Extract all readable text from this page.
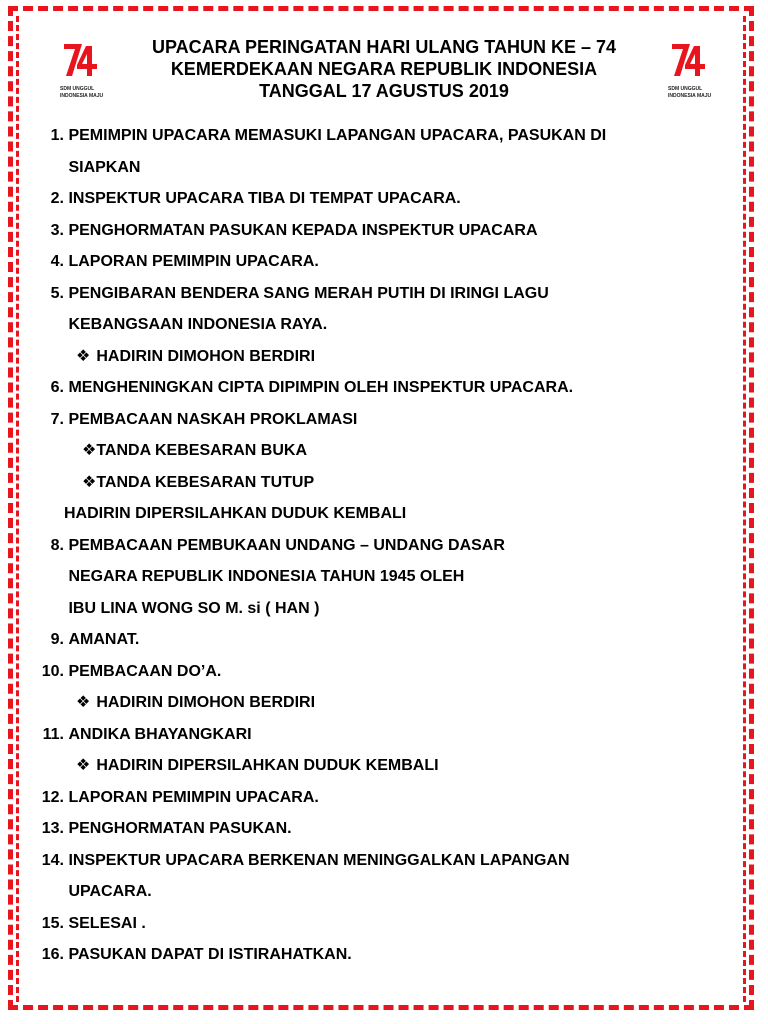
SDM UNGGUL
INDONESIA MAJU
SDM UNGGUL
INDONESIA MAJU
UPACARA PERINGATAN HARI ULANG TAHUN KE – 74
KEMERDEKAAN NEGARA REPUBLIK INDONESIA
TANGGAL 17 AGUSTUS 2019
1.
PEMIMPIN UPACARA MEMASUKI LAPANGAN UPACARA, PASUKAN DI
SIAPKAN
2.
INSPEKTUR UPACARA TIBA DI TEMPAT UPACARA.
3.
PENGHORMATAN PASUKAN KEPADA INSPEKTUR UPACARA
4.
LAPORAN PEMIMPIN UPACARA.
5.
PENGIBARAN BENDERA SANG MERAH PUTIH DI IRINGI LAGU
KEBANGSAAN INDONESIA RAYA.
❖ HADIRIN DIMOHON BERDIRI
6.
MENGHENINGKAN CIPTA DIPIMPIN OLEH INSPEKTUR UPACARA.
7.
PEMBACAAN NASKAH PROKLAMASI
❖TANDA KEBESARAN BUKA
❖TANDA KEBESARAN TUTUP
HADIRIN DIPERSILAHKAN DUDUK KEMBALI
8.
PEMBACAAN PEMBUKAAN UNDANG – UNDANG DASAR
NEGARA REPUBLIK INDONESIA TAHUN 1945 OLEH
IBU LINA WONG SO M. si ( HAN )
9.
AMANAT.
10.
PEMBACAAN DO’A.
❖ HADIRIN DIMOHON BERDIRI
11.
ANDIKA BHAYANGKARI
❖ HADIRIN DIPERSILAHKAN DUDUK KEMBALI
12.
LAPORAN PEMIMPIN UPACARA.
13.
PENGHORMATAN PASUKAN.
14.
INSPEKTUR UPACARA BERKENAN MENINGGALKAN LAPANGAN
UPACARA.
15.
SELESAI .
16.
PASUKAN DAPAT DI ISTIRAHATKAN.
